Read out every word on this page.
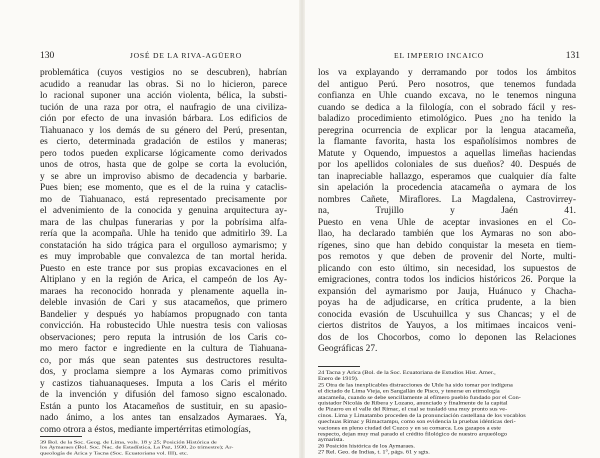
130	JOSÉ DE LA RIVA-AGÜERO	EL IMPERIO INCAICO	131
problemática (cuyos vestigios no se descubren), habrían
acudido a reanudar las obras. Si no lo hicieron, parece
lo racional suponer una acción violenta, bélica, la substi-
tución de una raza por otra, el naufragio de una civiliza-
ción por efecto de una invasión bárbara. Los edificios de
Tiahuanaco y los demás de su género del Perú, presentan,
es cierto, determinada gradación de estilos y maneras;
pero todos pueden explicarse lógicamente como derivados
unos de otros, hasta que de golpe se corta la evolución,
y se abre un improviso abismo de decadencia y barbarie.
Pues bien; ese momento, que es el de la ruina y cataclis-
mo de Tiahuanaco, está representado precisamente por
el advenimiento de la conocida y genuina arquitectura ay-
mara de las chulpas funerarias y por la pobrísima alfa-
rería que la acompaña. Uhle ha tenido que admitirlo 39. La
constatación ha sido trágica para el orgulloso aymarismo; y
es muy improbable que convalezca de tan mortal herida.
Puesto en este trance por sus propias excavaciones en el
Altiplano y en la región de Arica, el campeón de los Ay-
maraes ha reconocido honrada y plenamente aquella in-
deleble invasión de Cari y sus atacameños, que primero
Bandelier y después yo habíamos propugnado con tanta
convicción. Ha robustecido Uhle nuestra tesis con valiosas
observaciones; pero reputa la intrusión de los Caris co-
mo mero factor e ingrediente en la cultura de Tiahuana-
co, por más que sean patentes sus destructores resulta-
dos, y proclama siempre a los Aymaras como primitivos
y castizos tiahuanaqueses. Imputa a los Caris el mérito
de la invención y difusión del famoso signo escalonado.
Están a punto los Atacameños de sustituir, en su apasio-
nado ánimo, a los antes tan ensalzados Aymaraes. Ya,
como otrora a éstos, mediante impertérritas etimologías,
39 Bol. de la Soc. Geog. de Lima, vols. 18 y 25; Posición Histórica de
los Aymaraes (Bol. Soc. Nac. de Estadística, La Paz, 1930, 2o trimestre); Ar-
queología de Arica y Tacna (Soc. Ecuatoriana vol. III), etc.
los va explayando y derramando por todos los ámbitos
del antiguo Perú. Pero nosotros, que tenemos fundada
confianza en Uhle cuando excava, no le tenemos ninguna
cuando se dedica a la filología, con el sobrado fácil y res-
baladizo procedimiento etimológico. Pues ¿no ha tenido la
peregrina ocurrencia de explicar por la lengua atacameña,
la flamante favorita, hasta los españolísimos nombres de
Matute y Oquendo, impuestos a aquellas limeñas haciendas
por los apellidos coloniales de sus dueños? 40. Después de
tan inapreciable hallazgo, esperamos que cualquier día falte
sin apelación la procedencia atacameña o aymara de los
nombres Cañete, Miraflores. La Magdalena, Castrovirrey-
na, Trujillo y Jaén 41.
Puesto en vena Uhle de aceptar invasiones en el Co-
llao, ha declarado también que los Aymaras no son abo-
rígenes, sino que han debido conquistar la meseta en tiem-
pos remotos y que deben de provenir del Norte, multi-
plicando con esto último, sin necesidad, los supuestos de
emigraciones, contra todos los indicios históricos 26. Porque la
expansión del aymarismo por Jauja, Huánuco y Chacha-
poyas ha de adjudicarse, en crítica prudente, a la bien
conocida evasión de Uscuhuillca y sus Chancas; y el de
ciertos distritos de Yauyos, a los mitimaes incaicos veni-
dos de los Chocorbos, como lo deponen las Relaciones
Geográficas 27.
24 Tacna y Arica (Bol. de la Soc. Ecuatoriana de Estudios Hist. Amer.,
Enero de 1919).
25 Otra de las inexplicables distracciones de Uhle ha sido tomar por indígena
el dictado de Lima Vieja, en Sangallán de Pisco, y tenerse en etimología
atacameña, cuando se debe sencillamente al efímero pueblo fundado por el Con-
quistador Nicolás de Ribera y Lozano, anunciado y finalmente de la capital
de Pizarro en el valle del Rímac, el cual se trasladó una muy pronto sus ve-
cinos. Lima y Limatambo proceden de la pronunciación castellana de los vocablos
quechuas Rimac y Rimactampu, como son evidencia la pruebas idénticas deri-
vaciones en pleno ciudad del Cuzco y en su comarca. Los gazapos a este
respecto, dejan muy mal parado el crédito filológico de nuestro arqueólogo
aymarista.
26 Posición histórica de los Aymaraes.
27 Rel. Geo. de Indias, t. 1°, págs. 61 y sgts.
